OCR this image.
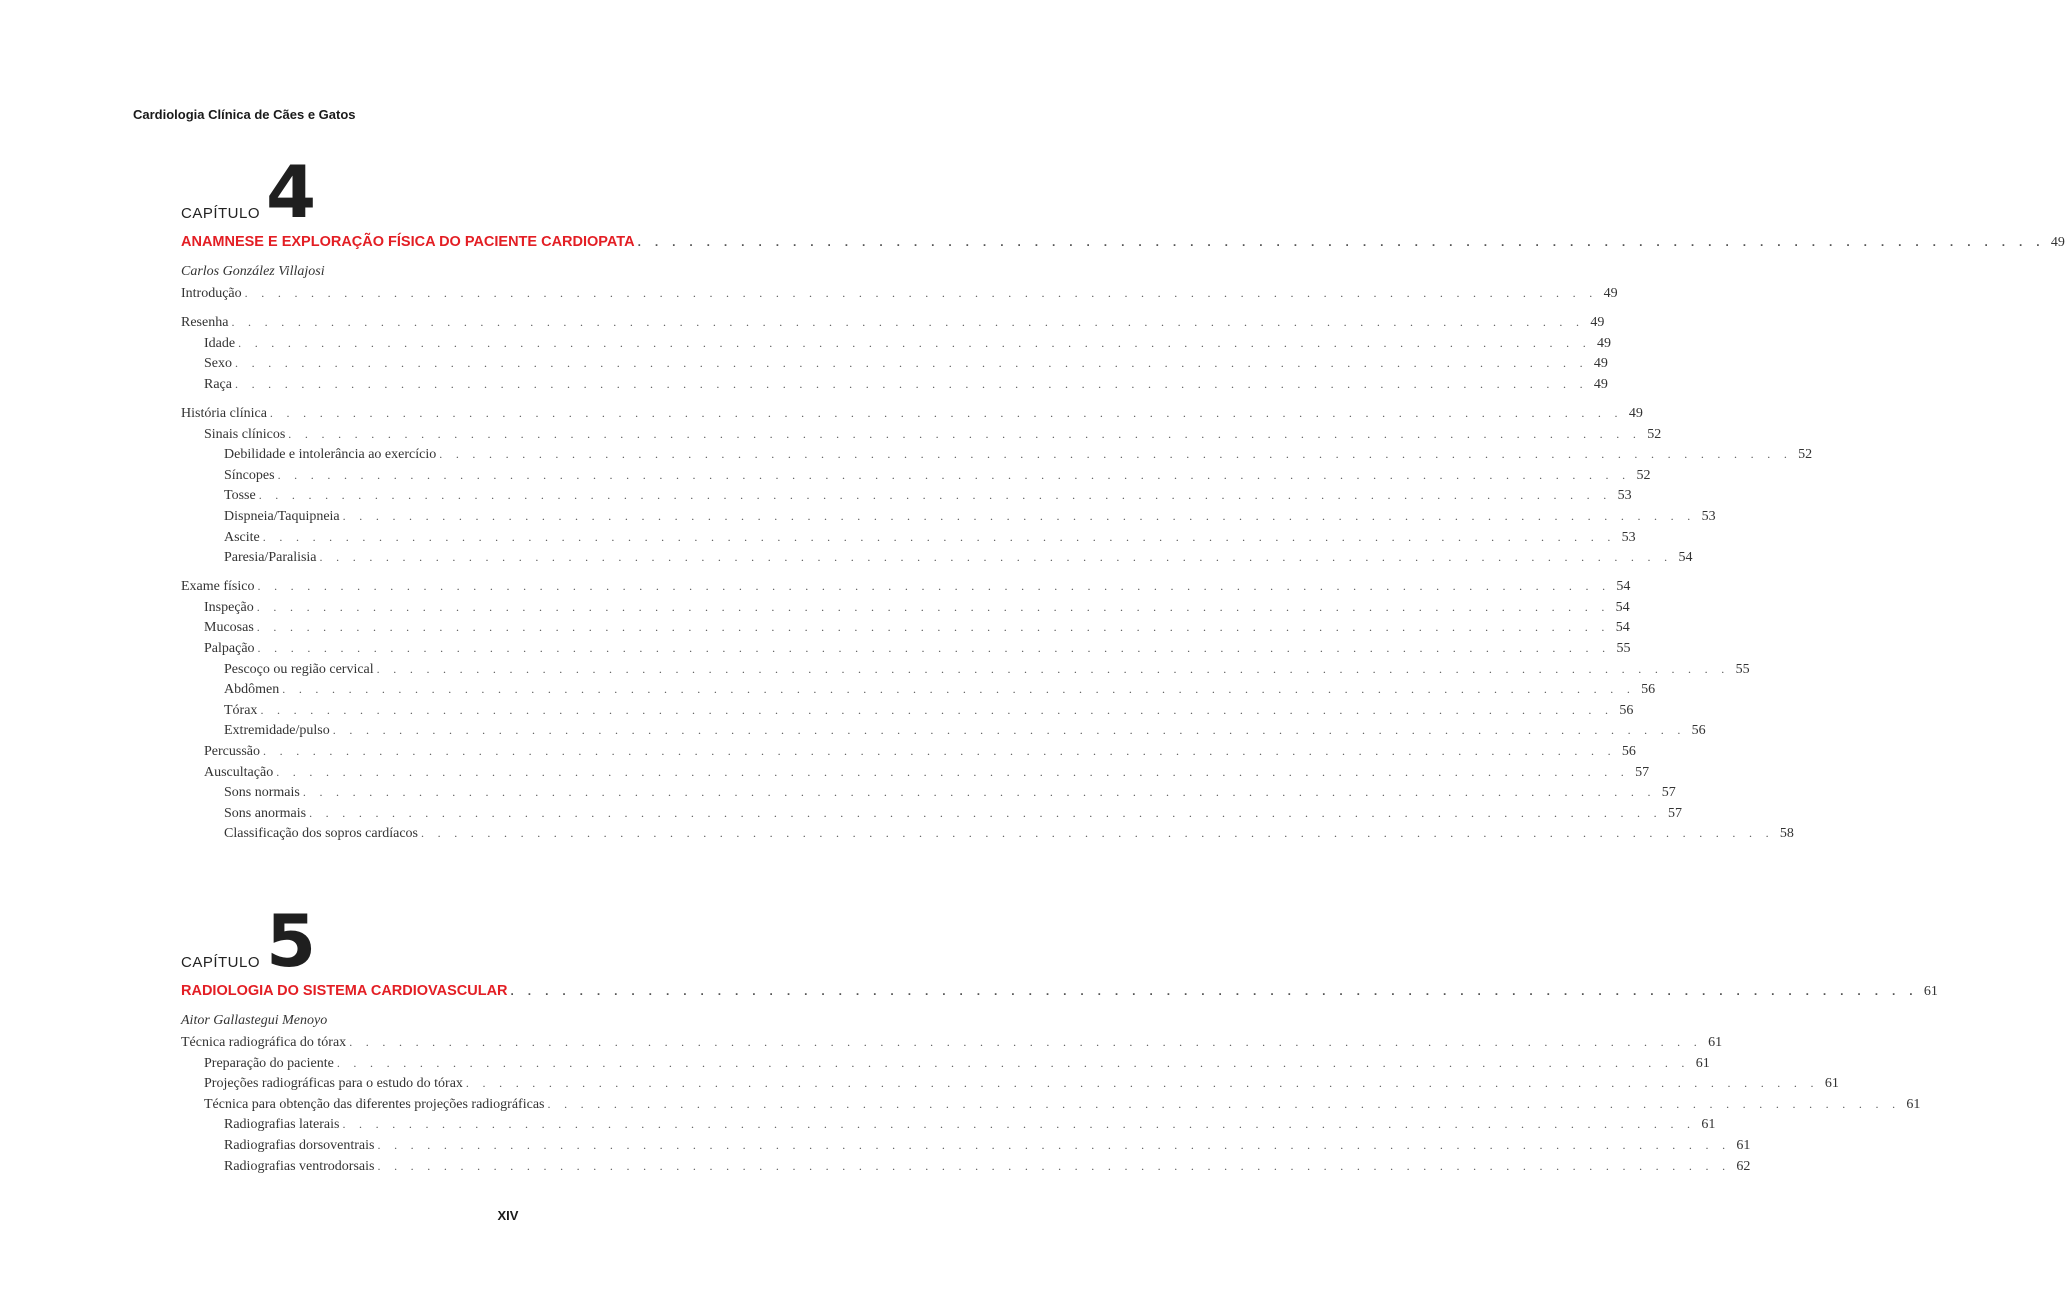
Cardiologia Clínica de Cães e Gatos
CAPÍTULO 4
ANAMNESE E EXPLORAÇÃO FÍSICA DO PACIENTE CARDIOPATA . . . . . . . . . . . . . . . . . . . . . . . . . . . . . . . . . . . . . . . . . . . . . . . . . . . . . . . . . . . . . . . . . . . . . . . . . . . . . . . . . . 49
Carlos González Villajosi
Introdução . . . . . . . . . . . . . . . . . . . . . . . . . . . . . . . . . . . . . . . . . . . . . . . . . . . . . . . . . . . . . . . . . . . . . . . . . . . . . . . . . . 49
Resenha . . . . . . . . . . . . . . . . . . . . . . . . . . . . . . . . . . . . . . . . . . . . . . . . . . . . . . . . . . . . . . . . . . . . . . . . . . . . . . . . . . 49
Idade . . . . . . . . . . . . . . . . . . . . . . . . . . . . . . . . . . . . . . . . . . . . . . . . . . . . . . . . . . . . . . . . . . . . . . . . . . . . . . . . . . 49
Sexo . . . . . . . . . . . . . . . . . . . . . . . . . . . . . . . . . . . . . . . . . . . . . . . . . . . . . . . . . . . . . . . . . . . . . . . . . . . . . . . . . . 49
Raça . . . . . . . . . . . . . . . . . . . . . . . . . . . . . . . . . . . . . . . . . . . . . . . . . . . . . . . . . . . . . . . . . . . . . . . . . . . . . . . . . . 49
História clínica . . . . . . . . . . . . . . . . . . . . . . . . . . . . . . . . . . . . . . . . . . . . . . . . . . . . . . . . . . . . . . . . . . . . . . . . . . . . . . . . . . 49
Sinais clínicos . . . . . . . . . . . . . . . . . . . . . . . . . . . . . . . . . . . . . . . . . . . . . . . . . . . . . . . . . . . . . . . . . . . . . . . . . . . . . . . . . . 52
Debilidade e intolerância ao exercício . . . . . . . . . . . . . . . . . . . . . . . . . . . . . . . . . . . . . . . . . . . . . . . . . . . . . . . . . . . . . . . . . . . . . . . . . . . . . . . . . . 52
Síncopes . . . . . . . . . . . . . . . . . . . . . . . . . . . . . . . . . . . . . . . . . . . . . . . . . . . . . . . . . . . . . . . . . . . . . . . . . . . . . . . . . . 52
Tosse . . . . . . . . . . . . . . . . . . . . . . . . . . . . . . . . . . . . . . . . . . . . . . . . . . . . . . . . . . . . . . . . . . . . . . . . . . . . . . . . . . 53
Dispneia/Taquipneia . . . . . . . . . . . . . . . . . . . . . . . . . . . . . . . . . . . . . . . . . . . . . . . . . . . . . . . . . . . . . . . . . . . . . . . . . . . . . . . . . . 53
Ascite . . . . . . . . . . . . . . . . . . . . . . . . . . . . . . . . . . . . . . . . . . . . . . . . . . . . . . . . . . . . . . . . . . . . . . . . . . . . . . . . . . 53
Paresia/Paralisia . . . . . . . . . . . . . . . . . . . . . . . . . . . . . . . . . . . . . . . . . . . . . . . . . . . . . . . . . . . . . . . . . . . . . . . . . . . . . . . . . . 54
Exame físico . . . . . . . . . . . . . . . . . . . . . . . . . . . . . . . . . . . . . . . . . . . . . . . . . . . . . . . . . . . . . . . . . . . . . . . . . . . . . . . . . . 54
Inspeção . . . . . . . . . . . . . . . . . . . . . . . . . . . . . . . . . . . . . . . . . . . . . . . . . . . . . . . . . . . . . . . . . . . . . . . . . . . . . . . . . . 54
Mucosas . . . . . . . . . . . . . . . . . . . . . . . . . . . . . . . . . . . . . . . . . . . . . . . . . . . . . . . . . . . . . . . . . . . . . . . . . . . . . . . . . . 54
Palpação . . . . . . . . . . . . . . . . . . . . . . . . . . . . . . . . . . . . . . . . . . . . . . . . . . . . . . . . . . . . . . . . . . . . . . . . . . . . . . . . . . 55
Pescoço ou região cervical . . . . . . . . . . . . . . . . . . . . . . . . . . . . . . . . . . . . . . . . . . . . . . . . . . . . . . . . . . . . . . . . . . . . . . . . . . . . . . . . . . 55
Abdômen . . . . . . . . . . . . . . . . . . . . . . . . . . . . . . . . . . . . . . . . . . . . . . . . . . . . . . . . . . . . . . . . . . . . . . . . . . . . . . . . . . 56
Tórax . . . . . . . . . . . . . . . . . . . . . . . . . . . . . . . . . . . . . . . . . . . . . . . . . . . . . . . . . . . . . . . . . . . . . . . . . . . . . . . . . . 56
Extremidade/pulso . . . . . . . . . . . . . . . . . . . . . . . . . . . . . . . . . . . . . . . . . . . . . . . . . . . . . . . . . . . . . . . . . . . . . . . . . . . . . . . . . . 56
Percussão . . . . . . . . . . . . . . . . . . . . . . . . . . . . . . . . . . . . . . . . . . . . . . . . . . . . . . . . . . . . . . . . . . . . . . . . . . . . . . . . . . 56
Auscultação . . . . . . . . . . . . . . . . . . . . . . . . . . . . . . . . . . . . . . . . . . . . . . . . . . . . . . . . . . . . . . . . . . . . . . . . . . . . . . . . . . 57
Sons normais . . . . . . . . . . . . . . . . . . . . . . . . . . . . . . . . . . . . . . . . . . . . . . . . . . . . . . . . . . . . . . . . . . . . . . . . . . . . . . . . . . 57
Sons anormais . . . . . . . . . . . . . . . . . . . . . . . . . . . . . . . . . . . . . . . . . . . . . . . . . . . . . . . . . . . . . . . . . . . . . . . . . . . . . . . . . . 57
Classificação dos sopros cardíacos . . . . . . . . . . . . . . . . . . . . . . . . . . . . . . . . . . . . . . . . . . . . . . . . . . . . . . . . . . . . . . . . . . . . . . . . . . . . . . . . . . 58
CAPÍTULO 5
RADIOLOGIA DO SISTEMA CARDIOVASCULAR . . . . . . . . . . . . . . . . . . . . . . . . . . . . . . . . . . . . . . . . . . . . . . . . . . . . . . . . . . . . . . . . . . . . . . . . . . . . . . . . . . 61
Aitor Gallastegui Menoyo
Técnica radiográfica do tórax . . . . . . . . . . . . . . . . . . . . . . . . . . . . . . . . . . . . . . . . . . . . . . . . . . . . . . . . . . . . . . . . . . . . . . . . . . . . . . . . . . 61
Preparação do paciente . . . . . . . . . . . . . . . . . . . . . . . . . . . . . . . . . . . . . . . . . . . . . . . . . . . . . . . . . . . . . . . . . . . . . . . . . . . . . . . . . . 61
Projeções radiográficas para o estudo do tórax . . . . . . . . . . . . . . . . . . . . . . . . . . . . . . . . . . . . . . . . . . . . . . . . . . . . . . . . . . . . . . . . . . . . . . . . . . . . . . . . . . 61
Técnica para obtenção das diferentes projeções radiográficas . . . . . . . . . . . . . . . . . . . . . . . . . . . . . . . . . . . . . . . . . . . . . . . . . . . . . . . . . . . . . . . . . . . . . . . . . . . . . . . . . . 61
Radiografias laterais . . . . . . . . . . . . . . . . . . . . . . . . . . . . . . . . . . . . . . . . . . . . . . . . . . . . . . . . . . . . . . . . . . . . . . . . . . . . . . . . . . 61
Radiografias dorsoventrais . . . . . . . . . . . . . . . . . . . . . . . . . . . . . . . . . . . . . . . . . . . . . . . . . . . . . . . . . . . . . . . . . . . . . . . . . . . . . . . . . . 61
Radiografias ventrodorsais . . . . . . . . . . . . . . . . . . . . . . . . . . . . . . . . . . . . . . . . . . . . . . . . . . . . . . . . . . . . . . . . . . . . . . . . . . . . . . . . . . 62
XIV
